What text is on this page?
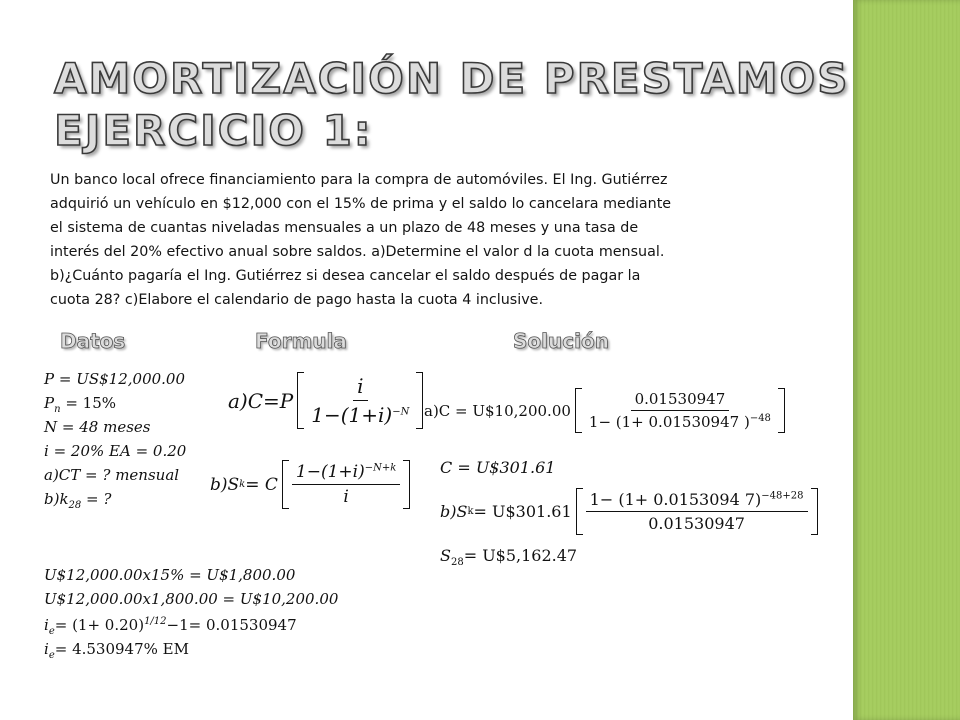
AMORTIZACIÓN DE PRESTAMOS
EJERCICIO 1:
Un banco local ofrece financiamiento para la compra de automóviles. El Ing. Gutiérrez
adquirió un vehículo en $12,000 con el 15% de prima y el saldo lo cancelara mediante
el sistema de cuantas niveladas mensuales a un plazo de 48 meses y una tasa de
interés del 20% efectivo anual sobre saldos. a)Determine el valor d la cuota mensual.
b)¿Cuánto pagaría el Ing. Gutiérrez si desea cancelar el saldo después de pagar la
cuota 28? c)Elabore el calendario de pago hasta la cuota 4 inclusive.
Datos	Formula	Solución
P = US$12,000.00
$P_n = 15\%$
N = 48 meses
i = 20% EA = 0.20
a)CT = ? mensual
$b)k_{28}$ = ?
$a)C=P \frac{i}{1-(1+i)^{-N}}$
b)S k = C $\frac{1-(1+i)^{-N+k}}{i}$
a)C = U$10,200.00 $\frac{0.01530947}{1- (1+ 0.01530947 )^{-48}}$
C = U$301.61
b)S k = U$301.61 $\frac{1- (1+ 0.0153094 7)^{-48+28}}{0.01530947}$
$S_{28}=$ U$5,162.47
U$12,000.00x15% = U$1,800.00
U$12,000.00x1,800.00 = U$10,200.00
$i_e= (1+ 0.20)^{1/12}-1= 0.01530947$
$i_e= 4.530947\%$ EM
